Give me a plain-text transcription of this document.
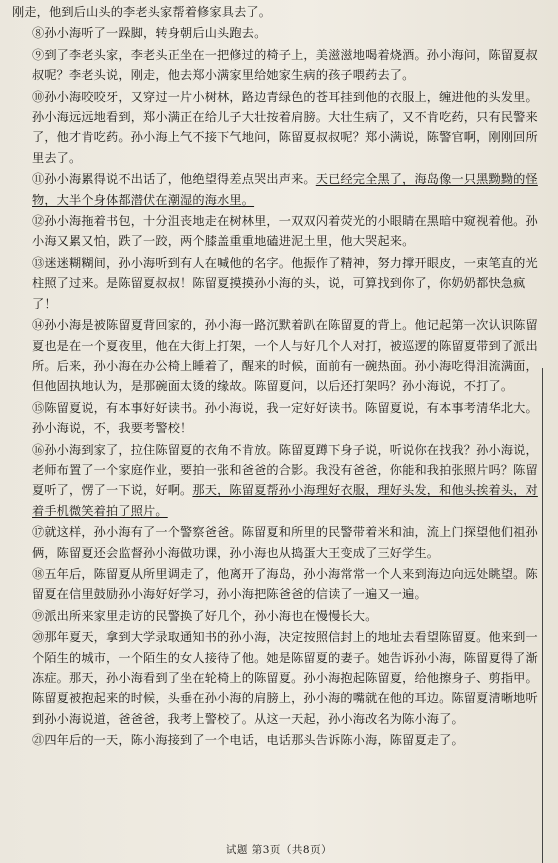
刚走，他到后山头的李老头家帮着修家具去了。

⑧孙小海听了一跺脚，转身朝后山头跑去。

⑨到了李老头家，李老头正坐在一把修过的椅子上，美滋滋地喝着烧酒。孙小海问，陈留夏叔叔呢？李老头说，刚走，他去郑小满家里给她家生病的孩子喂药去了。

⑩孙小海咬咬牙，又穿过一片小树林，路边青绿色的苍耳挂到他的衣服上，缠进他的头发里。孙小海远远地看到，郑小满正在给儿子大壮按着肩膀。大壮生病了，又不肯吃药，只有民警来了，他才肯吃药。孙小海上气不接下气地问，陈留夏叔叔呢？郑小满说，陈警官啊，刚刚回所里去了。

⑪孙小海累得说不出话了，他绝望得差点哭出声来。天已经完全黑了，海岛像一只黑黝黝的怪物，大半个身体都潜伏在潮湿的海水里。

⑫孙小海拖着书包，十分沮丧地走在树林里，一双双闪着荧光的小眼睛在黑暗中窥视着他。孙小海又累又怕，跌了一跤，两个膝盖重重地磕进泥土里，他大哭起来。

⑬迷迷糊糊间，孙小海听到有人在喊他的名字。他振作了精神，努力撑开眼皮，一束笔直的光柱照了过来。是陈留夏叔叔！陈留夏摸摸孙小海的头，说，可算找到你了，你奶奶都快急疯了！

⑭孙小海是被陈留夏背回家的，孙小海一路沉默着趴在陈留夏的背上。他记起第一次认识陈留夏也是在一个夏夜里，他在大街上打架，一个人与好几个人对打，被巡逻的陈留夏带到了派出所。后来，孙小海在办公椅上睡着了，醒来的时候，面前有一碗热面。孙小海吃得泪流满面，但他固执地认为，是那碗面太烫的缘故。陈留夏问，以后还打架吗？孙小海说，不打了。

⑮陈留夏说，有本事好好读书。孙小海说，我一定好好读书。陈留夏说，有本事考清华北大。孙小海说，不，我要考警校！

⑯孙小海到家了，拉住陈留夏的衣角不肯放。陈留夏蹲下身子说，听说你在找我？孙小海说，老师布置了一个家庭作业，要拍一张和爸爸的合影。我没有爸爸，你能和我拍张照片吗？陈留夏听了，愣了一下说，好啊。那天，陈留夏帮孙小海理好衣服，理好头发，和他头挨着头，对着手机微笑着拍了照片。

⑰就这样，孙小海有了一个警察爸爸。陈留夏和所里的民警带着米和油，流上门探望他们祖孙俩，陈留夏还会监督孙小海做功课，孙小海也从捣蛋大王变成了三好学生。

⑱五年后，陈留夏从所里调走了，他离开了海岛，孙小海常常一个人来到海边向远处眺望。陈留夏在信里鼓励孙小海好好学习，孙小海把陈爸爸的信读了一遍又一遍。

⑲派出所来家里走访的民警换了好几个，孙小海也在慢慢长大。

⑳那年夏天，拿到大学录取通知书的孙小海，决定按照信封上的地址去看望陈留夏。他来到一个陌生的城市，一个陌生的女人接待了他。她是陈留夏的妻子。她告诉孙小海，陈留夏得了渐冻症。那天，孙小海看到了坐在轮椅上的陈留夏。孙小海抱起陈留夏，给他擦身子、剪指甲。陈留夏被抱起来的时候，头垂在孙小海的肩膀上，孙小海的嘴就在他的耳边。陈留夏清晰地听到孙小海说道，爸爸爸，我考上警校了。从这一天起，孙小海改名为陈小海了。

㉑四年后的一天，陈小海接到了一个电话，电话那头告诉陈小海，陈留夏走了。

试题 第3页（共8页）
